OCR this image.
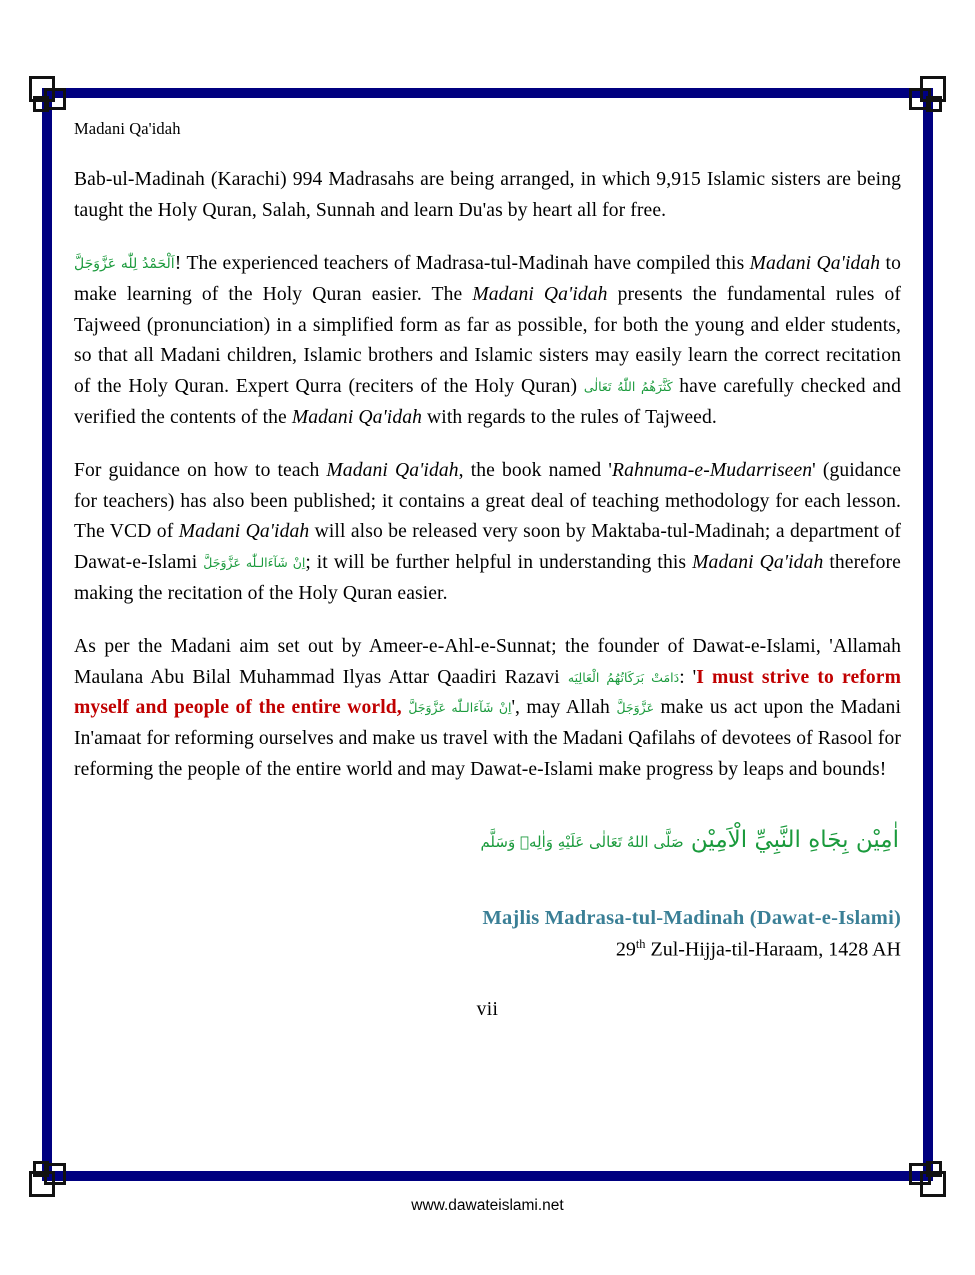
Madani Qa'idah

Bab-ul-Madinah (Karachi) 994 Madrasahs are being arranged, in which 9,915 Islamic sisters are being taught the Holy Quran, Salah, Sunnah and learn Du'as by heart all for free.

اَلْحَمْدُ لِلّٰه عَزَّوَجَلَّ! The experienced teachers of Madrasa-tul-Madinah have compiled this Madani Qa'idah to make learning of the Holy Quran easier. The Madani Qa'idah presents the fundamental rules of Tajweed (pronunciation) in a simplified form as far as possible, for both the young and elder students, so that all Madani children, Islamic brothers and Islamic sisters may easily learn the correct recitation of the Holy Quran. Expert Qurra (reciters of the Holy Quran) كَثَّرَهُمُ اللّٰهُ تَعَالٰی have carefully checked and verified the contents of the Madani Qa'idah with regards to the rules of Tajweed.

For guidance on how to teach Madani Qa'idah, the book named 'Rahnuma-e-Mudarriseen' (guidance for teachers) has also been published; it contains a great deal of teaching methodology for each lesson. The VCD of Madani Qa'idah will also be released very soon by Maktaba-tul-Madinah; a department of Dawat-e-Islami اِنْ شَآءَالـلّٰه عَزَّوَجَلَّ; it will be further helpful in understanding this Madani Qa'idah therefore making the recitation of the Holy Quran easier.

As per the Madani aim set out by Ameer-e-Ahl-e-Sunnat; the founder of Dawat-e-Islami, 'Allamah Maulana Abu Bilal Muhammad Ilyas Attar Qaadiri Razavi دَامَتْ بَرَكَاتُهُمُ الْعَالِيَه: 'I must strive to reform myself and people of the entire world, اِنْ شَآءَالـلّٰه عَزَّوَجَلَّ', may Allah عَزَّوَجَلَّ make us act upon the Madani In'amaat for reforming ourselves and make us travel with the Madani Qafilahs of devotees of Rasool for reforming the people of the entire world and may Dawat-e-Islami make progress by leaps and bounds!

اٰمِيْن بِجَاهِ النَّبِيِّ الْاَمِيْن صَلَّى اللهُ تَعَالٰى عَلَيْهِ وَاٰلِهٖ وَسَلَّم
Majlis Madrasa-tul-Madinah (Dawat-e-Islami)
29th Zul-Hijja-til-Haraam, 1428 AH
vii
www.dawateislami.net
